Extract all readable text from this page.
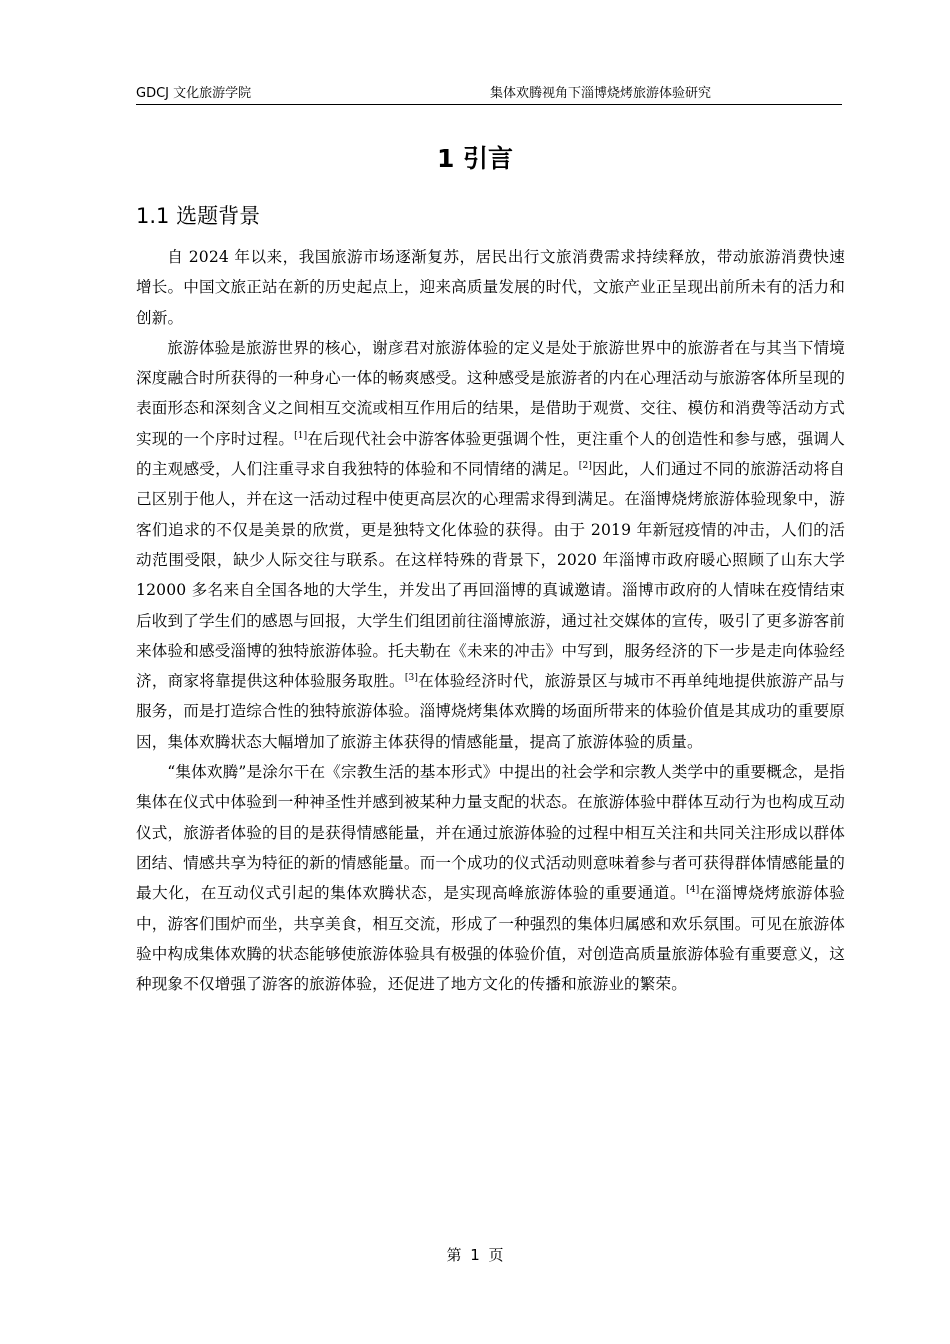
GDCJ 文化旅游学院	集体欢腾视角下淄博烧烤旅游体验研究
1 引言
1.1 选题背景

自 2024 年以来，我国旅游市场逐渐复苏，居民出行文旅消费需求持续释放，带动旅游消费快速增长。中国文旅正站在新的历史起点上，迎来高质量发展的时代，文旅产业正呈现出前所未有的活力和创新。

旅游体验是旅游世界的核心，谢彦君对旅游体验的定义是处于旅游世界中的旅游者在与其当下情境深度融合时所获得的一种身心一体的畅爽感受。这种感受是旅游者的内在心理活动与旅游客体所呈现的表面形态和深刻含义之间相互交流或相互作用后的结果，是借助于观赏、交往、模仿和消费等活动方式实现的一个序时过程。[1]在后现代社会中游客体验更强调个性，更注重个人的创造性和参与感，强调人的主观感受，人们注重寻求自我独特的体验和不同情绪的满足。[2]因此，人们通过不同的旅游活动将自己区别于他人，并在这一活动过程中使更高层次的心理需求得到满足。在淄博烧烤旅游体验现象中，游客们追求的不仅是美景的欣赏，更是独特文化体验的获得。由于 2019 年新冠疫情的冲击，人们的活动范围受限，缺少人际交往与联系。在这样特殊的背景下，2020 年淄博市政府暖心照顾了山东大学 12000 多名来自全国各地的大学生，并发出了再回淄博的真诚邀请。淄博市政府的人情味在疫情结束后收到了学生们的感恩与回报，大学生们组团前往淄博旅游，通过社交媒体的宣传，吸引了更多游客前来体验和感受淄博的独特旅游体验。托夫勒在《未来的冲击》中写到，服务经济的下一步是走向体验经济，商家将靠提供这种体验服务取胜。[3]在体验经济时代，旅游景区与城市不再单纯地提供旅游产品与服务，而是打造综合性的独特旅游体验。淄博烧烤集体欢腾的场面所带来的体验价值是其成功的重要原因，集体欢腾状态大幅增加了旅游主体获得的情感能量，提高了旅游体验的质量。

“集体欢腾”是涂尔干在《宗教生活的基本形式》中提出的社会学和宗教人类学中的重要概念，是指集体在仪式中体验到一种神圣性并感到被某种力量支配的状态。在旅游体验中群体互动行为也构成互动仪式，旅游者体验的目的是获得情感能量，并在通过旅游体验的过程中相互关注和共同关注形成以群体团结、情感共享为特征的新的情感能量。而一个成功的仪式活动则意味着参与者可获得群体情感能量的最大化，在互动仪式引起的集体欢腾状态，是实现高峰旅游体验的重要通道。[4]在淄博烧烤旅游体验中，游客们围炉而坐，共享美食，相互交流，形成了一种强烈的集体归属感和欢乐氛围。可见在旅游体验中构成集体欢腾的状态能够使旅游体验具有极强的体验价值，对创造高质量旅游体验有重要意义，这种现象不仅增强了游客的旅游体验，还促进了地方文化的传播和旅游业的繁荣。

第 1 页
